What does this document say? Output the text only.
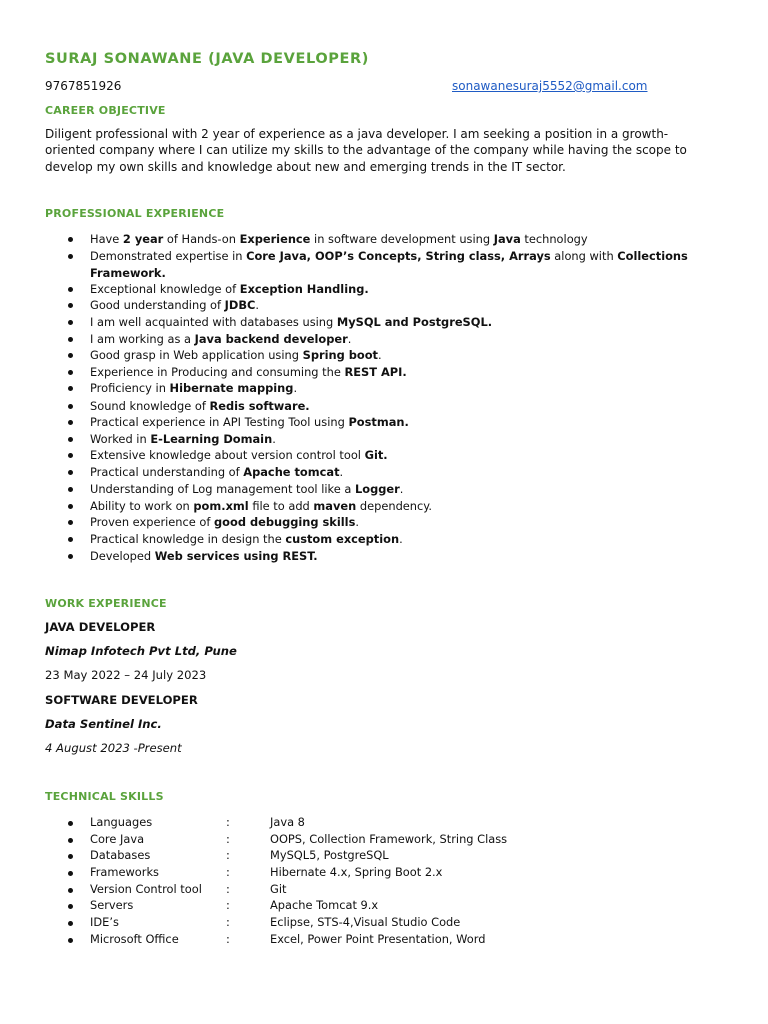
SURAJ SONAWANE (JAVA DEVELOPER)
9767851926	sonawanesuraj5552@gmail.com
CAREER OBJECTIVE
Diligent professional with 2 year of experience as a java developer. I am seeking a position in a growth-oriented company where I can utilize my skills to the advantage of the company while having the scope to develop my own skills and knowledge about new and emerging trends in the IT sector.
PROFESSIONAL EXPERIENCE
Have 2 year of Hands-on Experience in software development using Java technology
Demonstrated expertise in Core Java, OOP’s Concepts, String class, Arrays along with Collections Framework.
Exceptional knowledge of Exception Handling.
Good understanding of JDBC.
I am well acquainted with databases using MySQL and PostgreSQL.
I am working as a Java backend developer.
Good grasp in Web application using Spring boot.
Experience in Producing and consuming the REST API.
Proficiency in Hibernate mapping.
Sound knowledge of Redis software.
Practical experience in API Testing Tool using Postman.
Worked in E-Learning Domain.
Extensive knowledge about version control tool Git.
Practical understanding of Apache tomcat.
Understanding of Log management tool like a Logger.
Ability to work on pom.xml file to add maven dependency.
Proven experience of good debugging skills.
Practical knowledge in design the custom exception.
Developed Web services using REST.
WORK EXPERIENCE
JAVA DEVELOPER
Nimap Infotech Pvt Ltd, Pune
23 May 2022 – 24 July 2023
SOFTWARE DEVELOPER
Data Sentinel Inc.
4 August 2023 -Present
TECHNICAL SKILLS
Languages	:	Java 8
Core Java	:	OOPS, Collection Framework, String Class
Databases	:	MySQL5, PostgreSQL
Frameworks	:	Hibernate 4.x, Spring Boot 2.x
Version Control tool :	Git
Servers	:	Apache Tomcat 9.x
IDE’s	:	Eclipse, STS-4,Visual Studio Code
Microsoft Office	:	Excel, Power Point Presentation, Word
